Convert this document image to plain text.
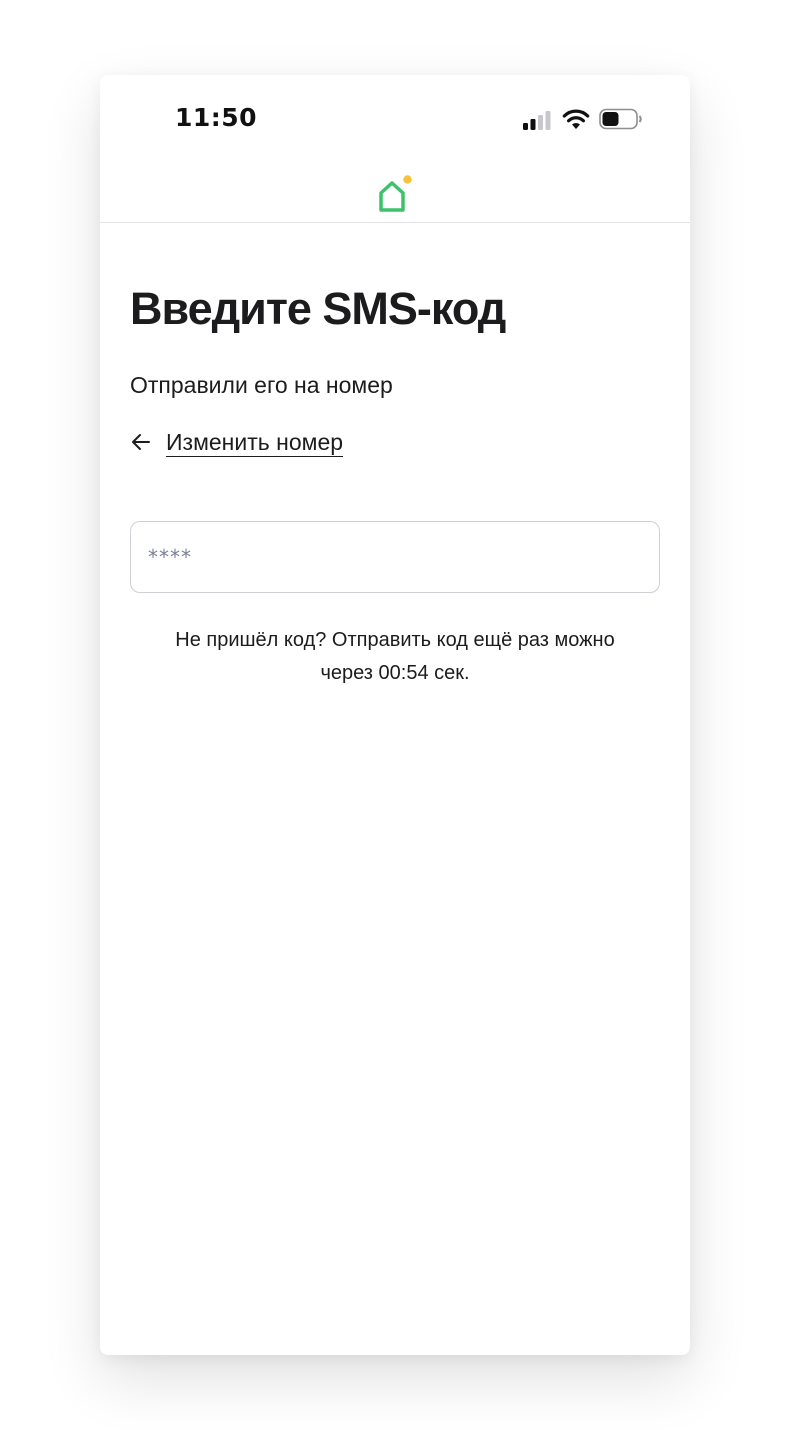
11:50
Введите SMS-код
Отправили его на номер
Изменить номер
****
Не пришёл код? Отправить код ещё раз можно
через 00:54 сек.
